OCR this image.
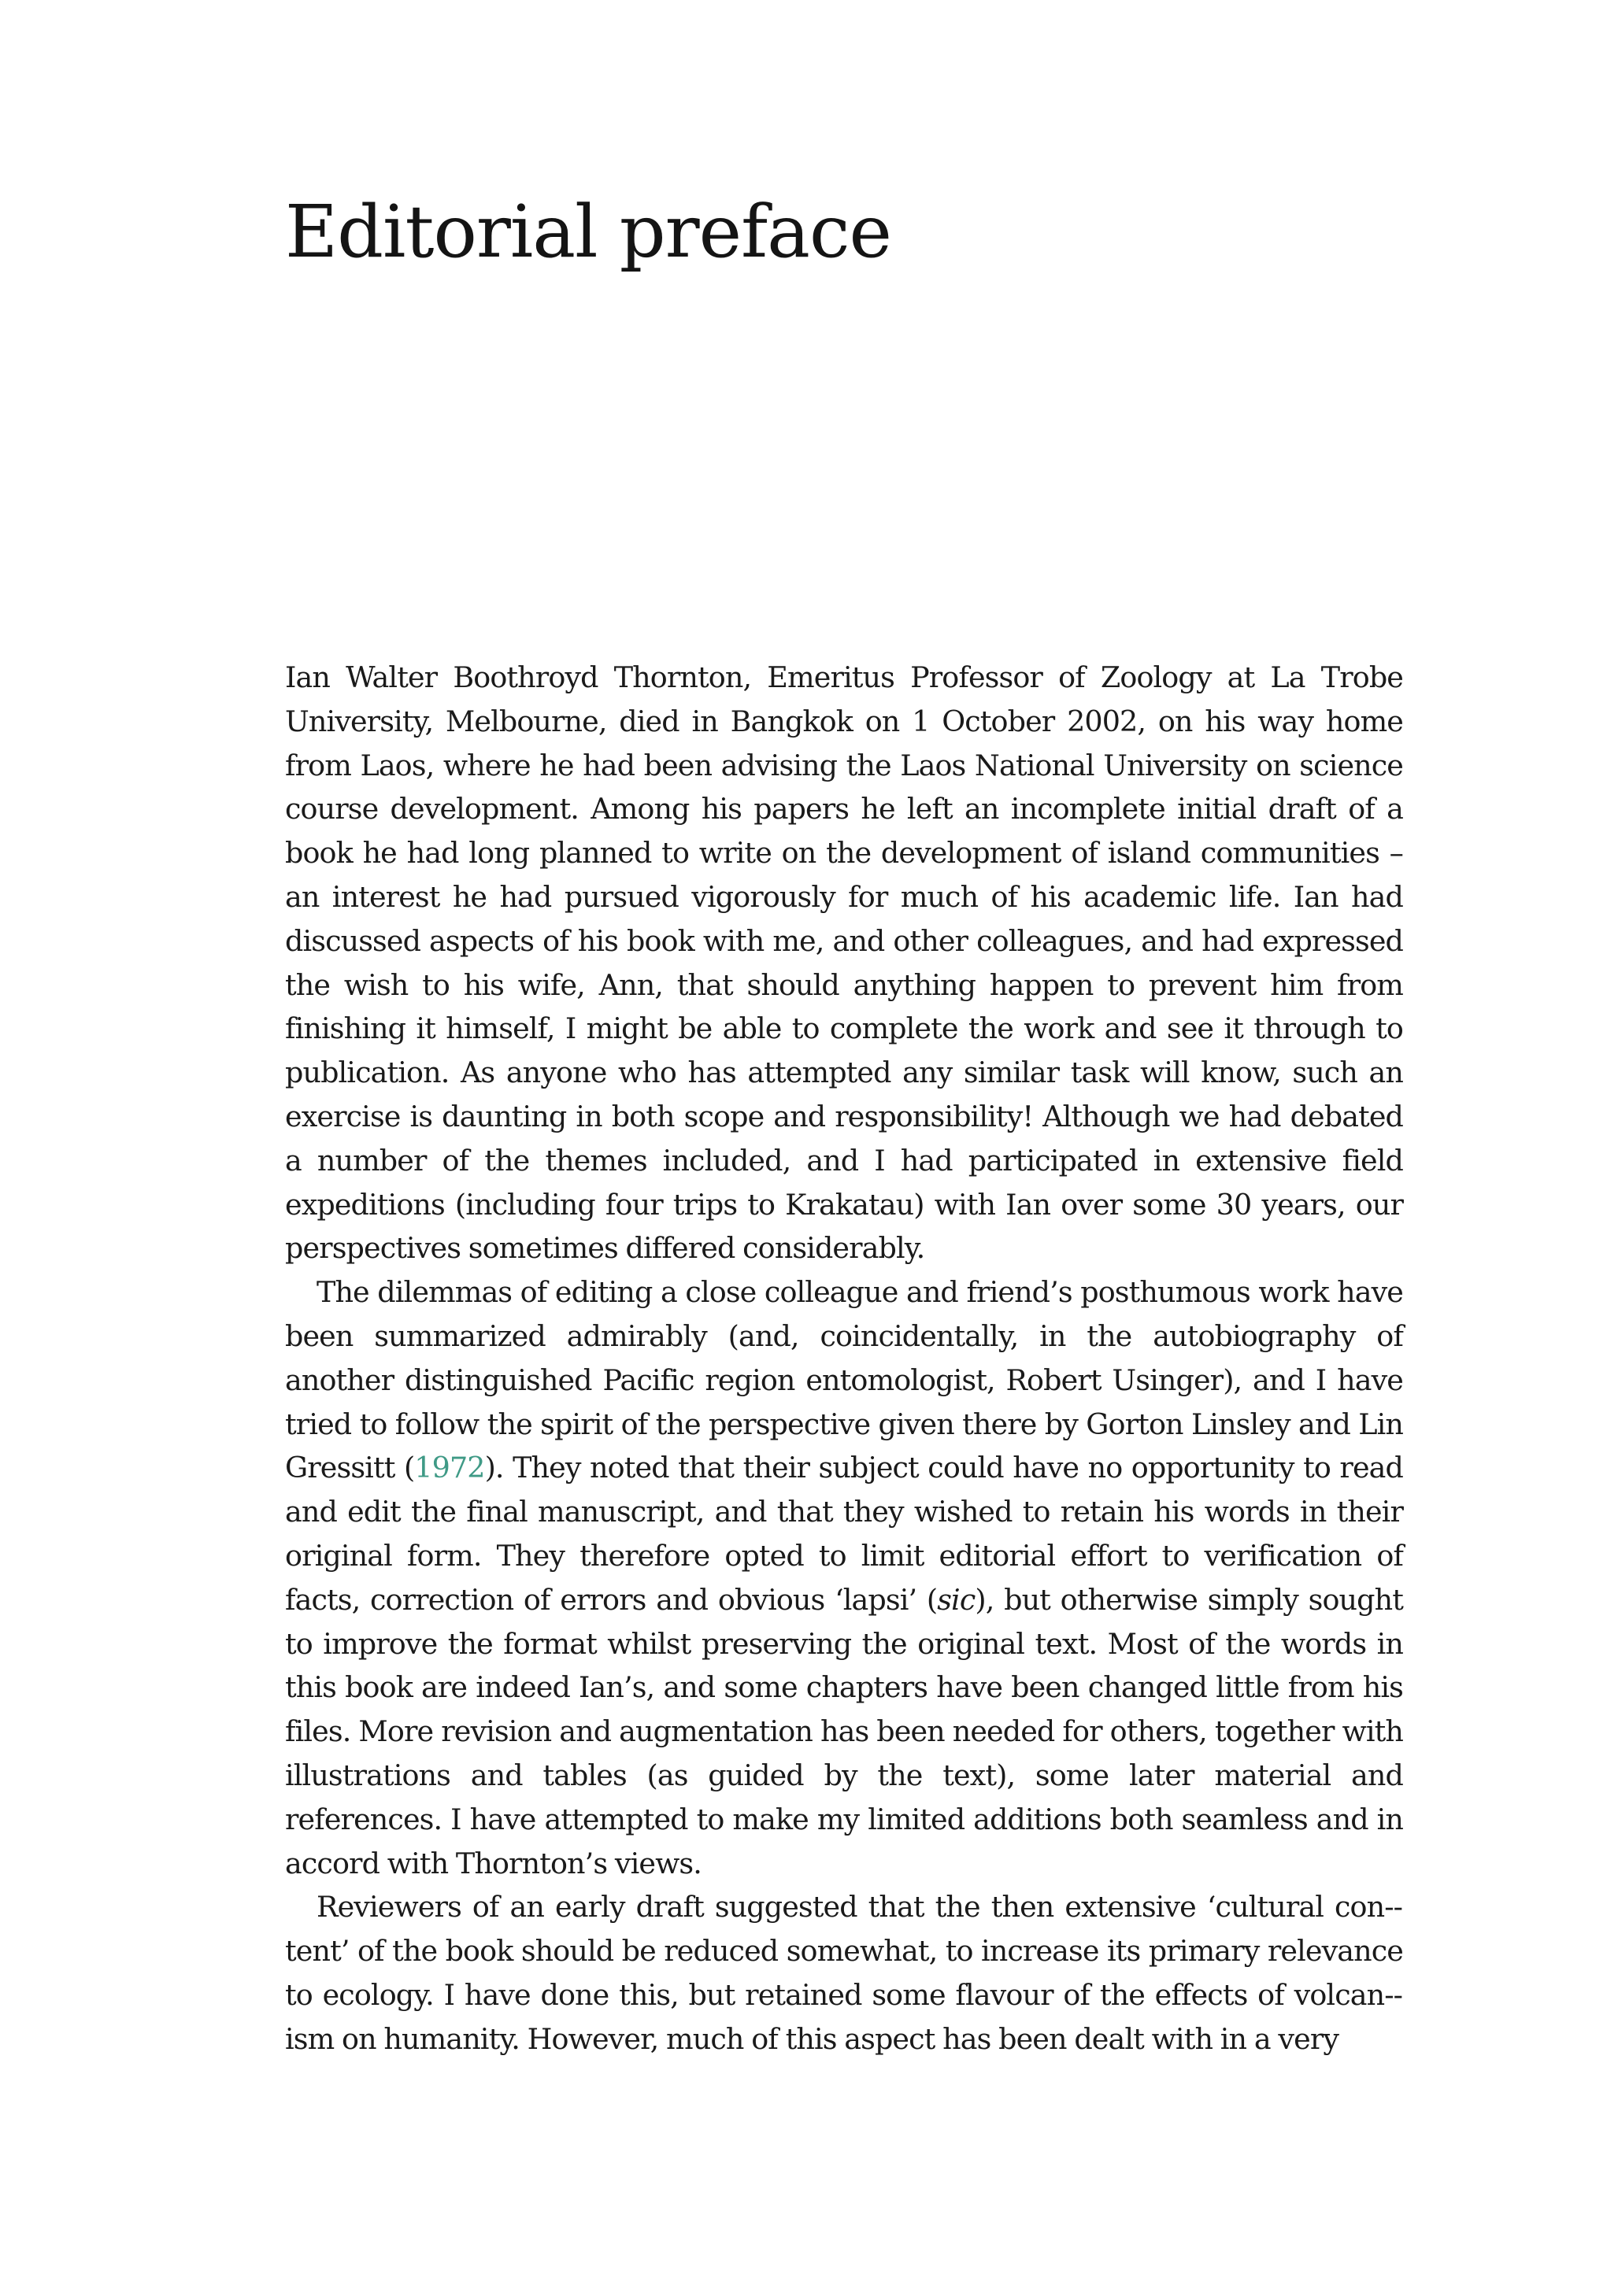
Editorial preface

Ian Walter Boothroyd Thornton, Emeritus Professor of Zoology at La Trobe University, Melbourne, died in Bangkok on 1 October 2002, on his way home from Laos, where he had been advising the Laos National University on science course development. Among his papers he left an incomplete initial draft of a book he had long planned to write on the development of island communities – an interest he had pursued vigorously for much of his academic life. Ian had discussed aspects of his book with me, and other colleagues, and had expressed the wish to his wife, Ann, that should anything happen to prevent him from finishing it himself, I might be able to complete the work and see it through to publication. As anyone who has attempted any similar task will know, such an exercise is daunting in both scope and responsibility! Although we had debated a number of the themes included, and I had participated in extensive field expeditions (including four trips to Krakatau) with Ian over some 30 years, our perspectives sometimes differed considerably.

The dilemmas of editing a close colleague and friend’s posthumous work have been summarized admirably (and, coincidentally, in the autobiography of another distinguished Pacific region entomologist, Robert Usinger), and I have tried to follow the spirit of the perspective given there by Gorton Linsley and Lin Gressitt (1972). They noted that their subject could have no opportunity to read and edit the final manuscript, and that they wished to retain his words in their original form. They therefore opted to limit editorial effort to verification of facts, correction of errors and obvious ‘lapsi’ (sic), but otherwise simply sought to improve the format whilst preserving the original text. Most of the words in this book are indeed Ian’s, and some chapters have been changed little from his files. More revision and augmentation has been needed for others, together with illustrations and tables (as guided by the text), some later material and references. I have attempted to make my limited additions both seamless and in accord with Thornton’s views.

Reviewers of an early draft suggested that the then extensive ‘cultural con-tent’ of the book should be reduced somewhat, to increase its primary relevance to ecology. I have done this, but retained some flavour of the effects of volcan-ism on humanity. However, much of this aspect has been dealt with in a very
